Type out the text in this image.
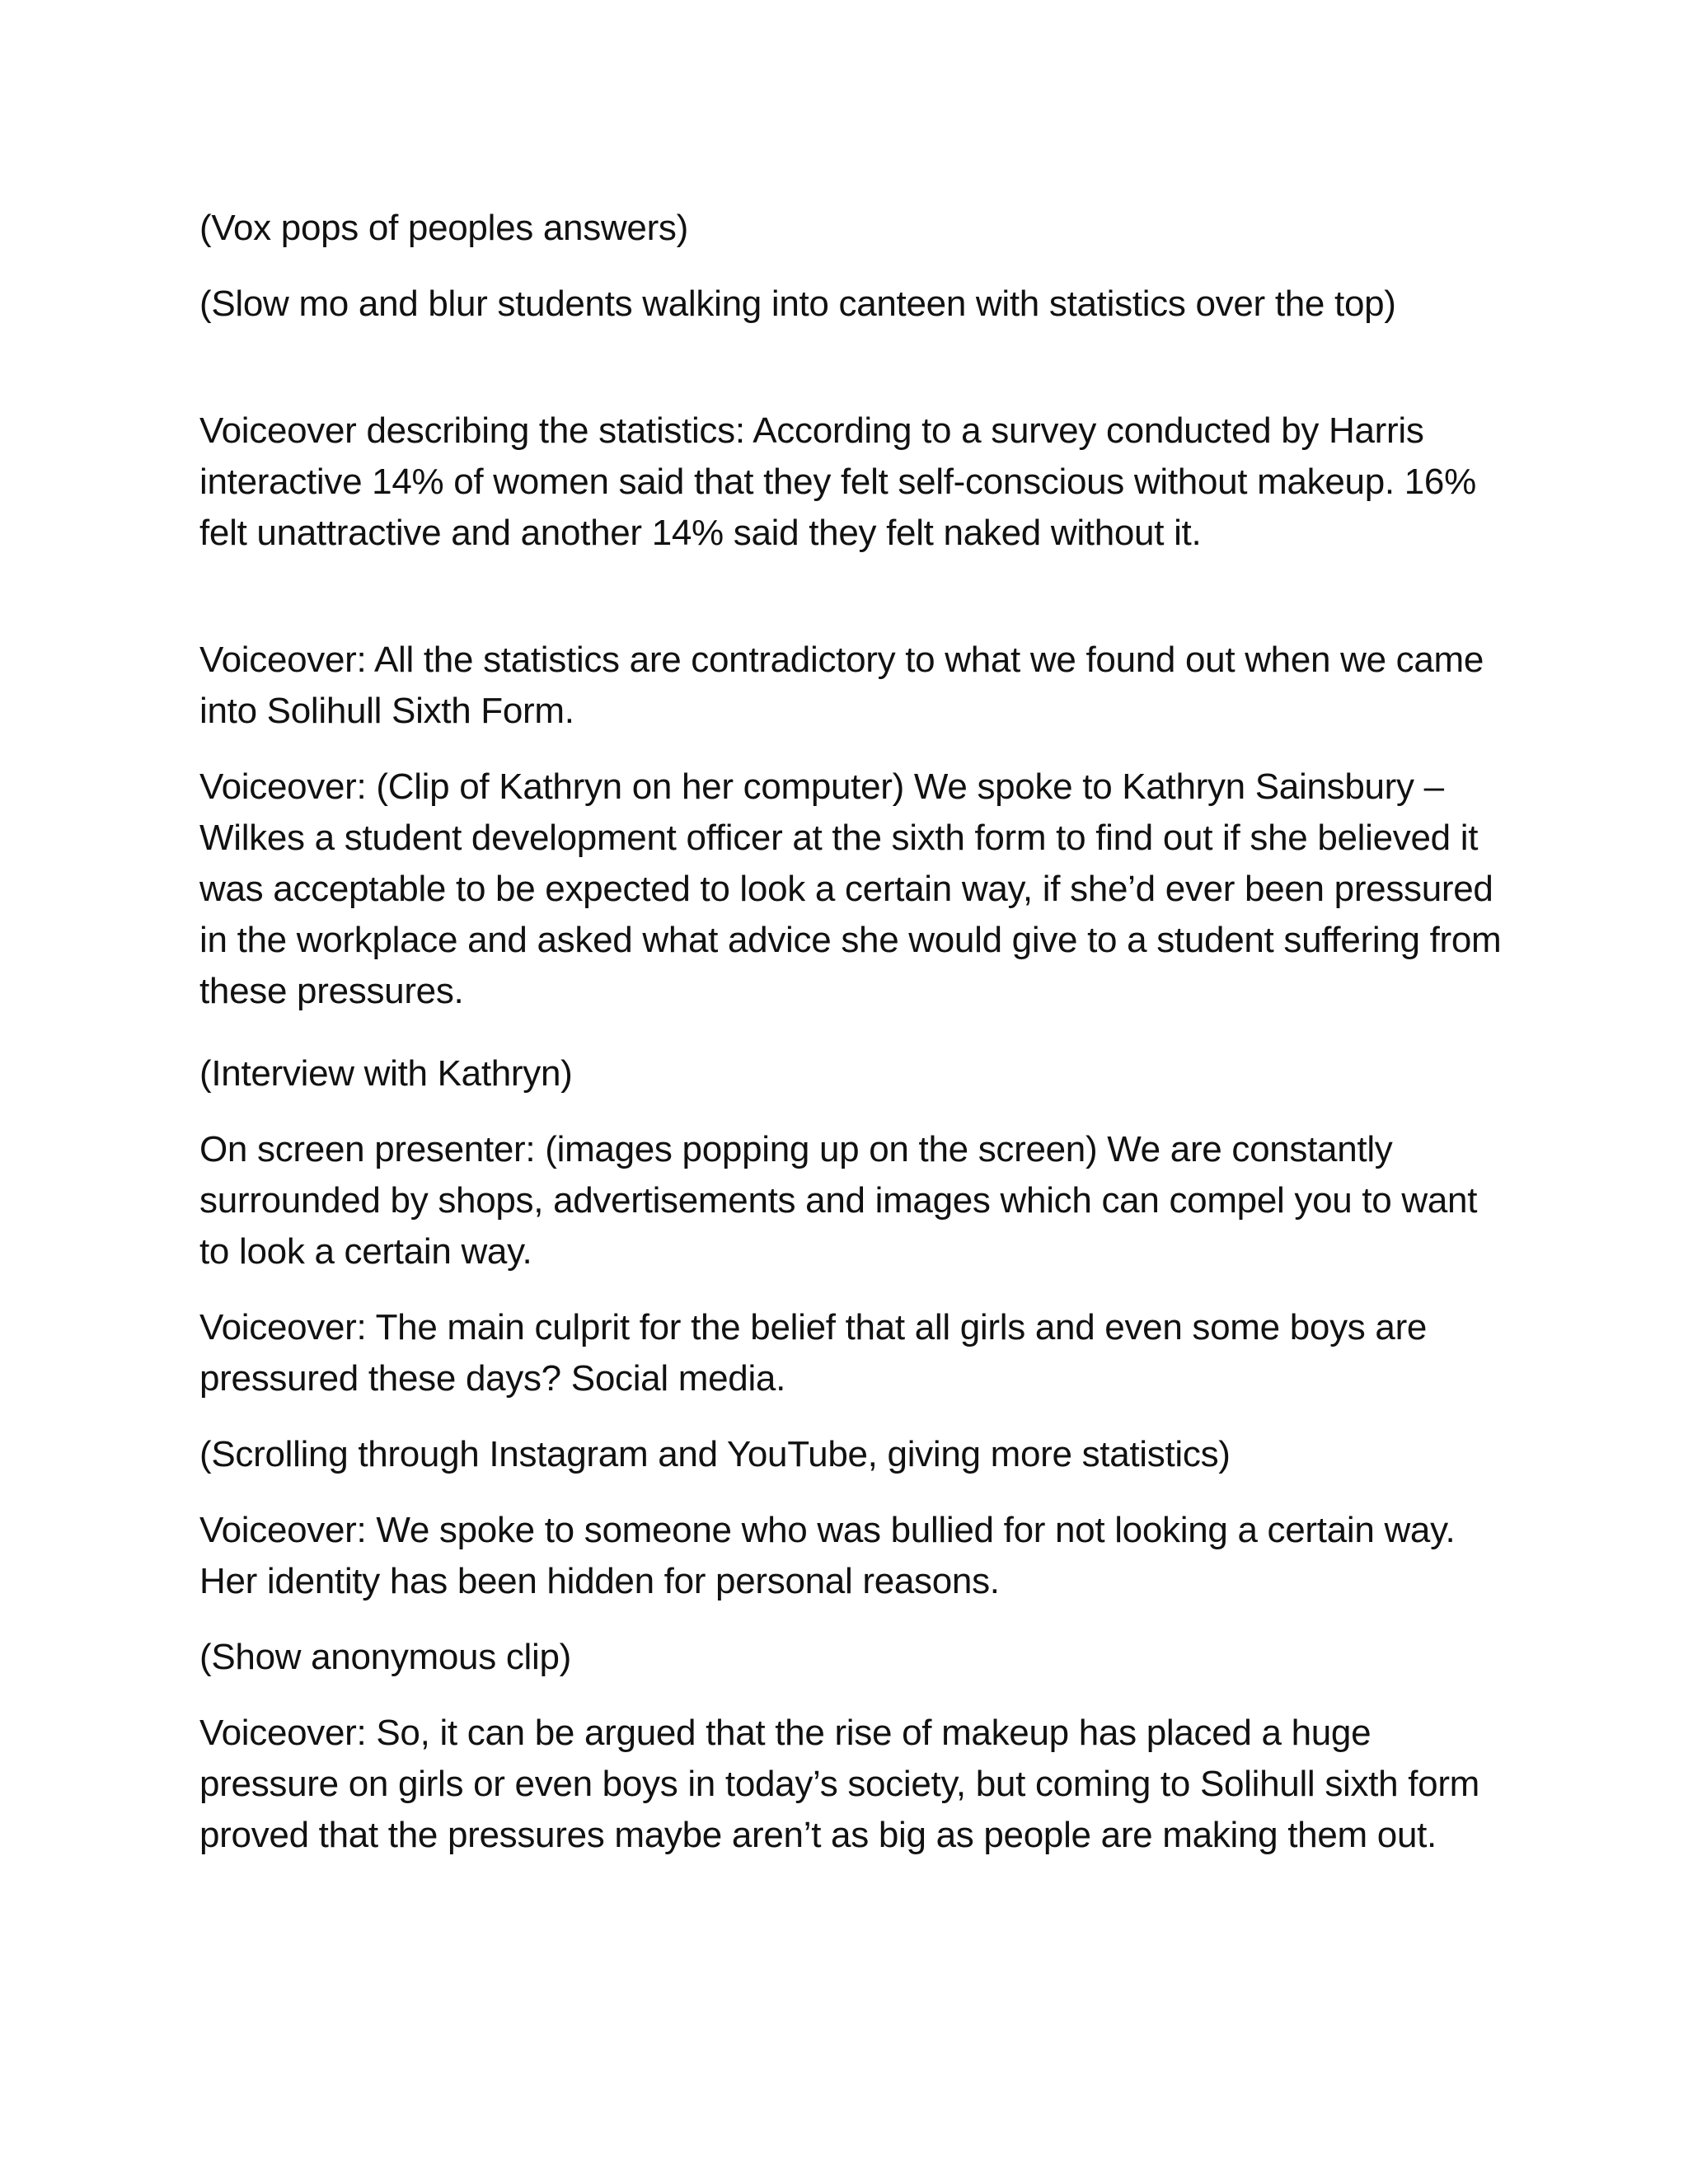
(Vox pops of peoples answers)

(Slow mo and blur students walking into canteen with statistics over the top)

Voiceover describing the statistics: According to a survey conducted by Harris interactive 14% of women said that they felt self-conscious without makeup. 16% felt unattractive and another 14% said they felt naked without it.

Voiceover: All the statistics are contradictory to what we found out when we came into Solihull Sixth Form.

Voiceover: (Clip of Kathryn on her computer) We spoke to Kathryn Sainsbury – Wilkes a student development officer at the sixth form to find out if she believed it was acceptable to be expected to look a certain way, if she’d ever been pressured in the workplace and asked what advice she would give to a student suffering from these pressures.

(Interview with Kathryn)

On screen presenter: (images popping up on the screen) We are constantly surrounded by shops, advertisements and images which can compel you to want to look a certain way.

Voiceover: The main culprit for the belief that all girls and even some boys are pressured these days? Social media.

(Scrolling through Instagram and YouTube, giving more statistics)

Voiceover: We spoke to someone who was bullied for not looking a certain way. Her identity has been hidden for personal reasons.

(Show anonymous clip)

Voiceover: So, it can be argued that the rise of makeup has placed a huge pressure on girls or even boys in today’s society, but coming to Solihull sixth form proved that the pressures maybe aren’t as big as people are making them out.
